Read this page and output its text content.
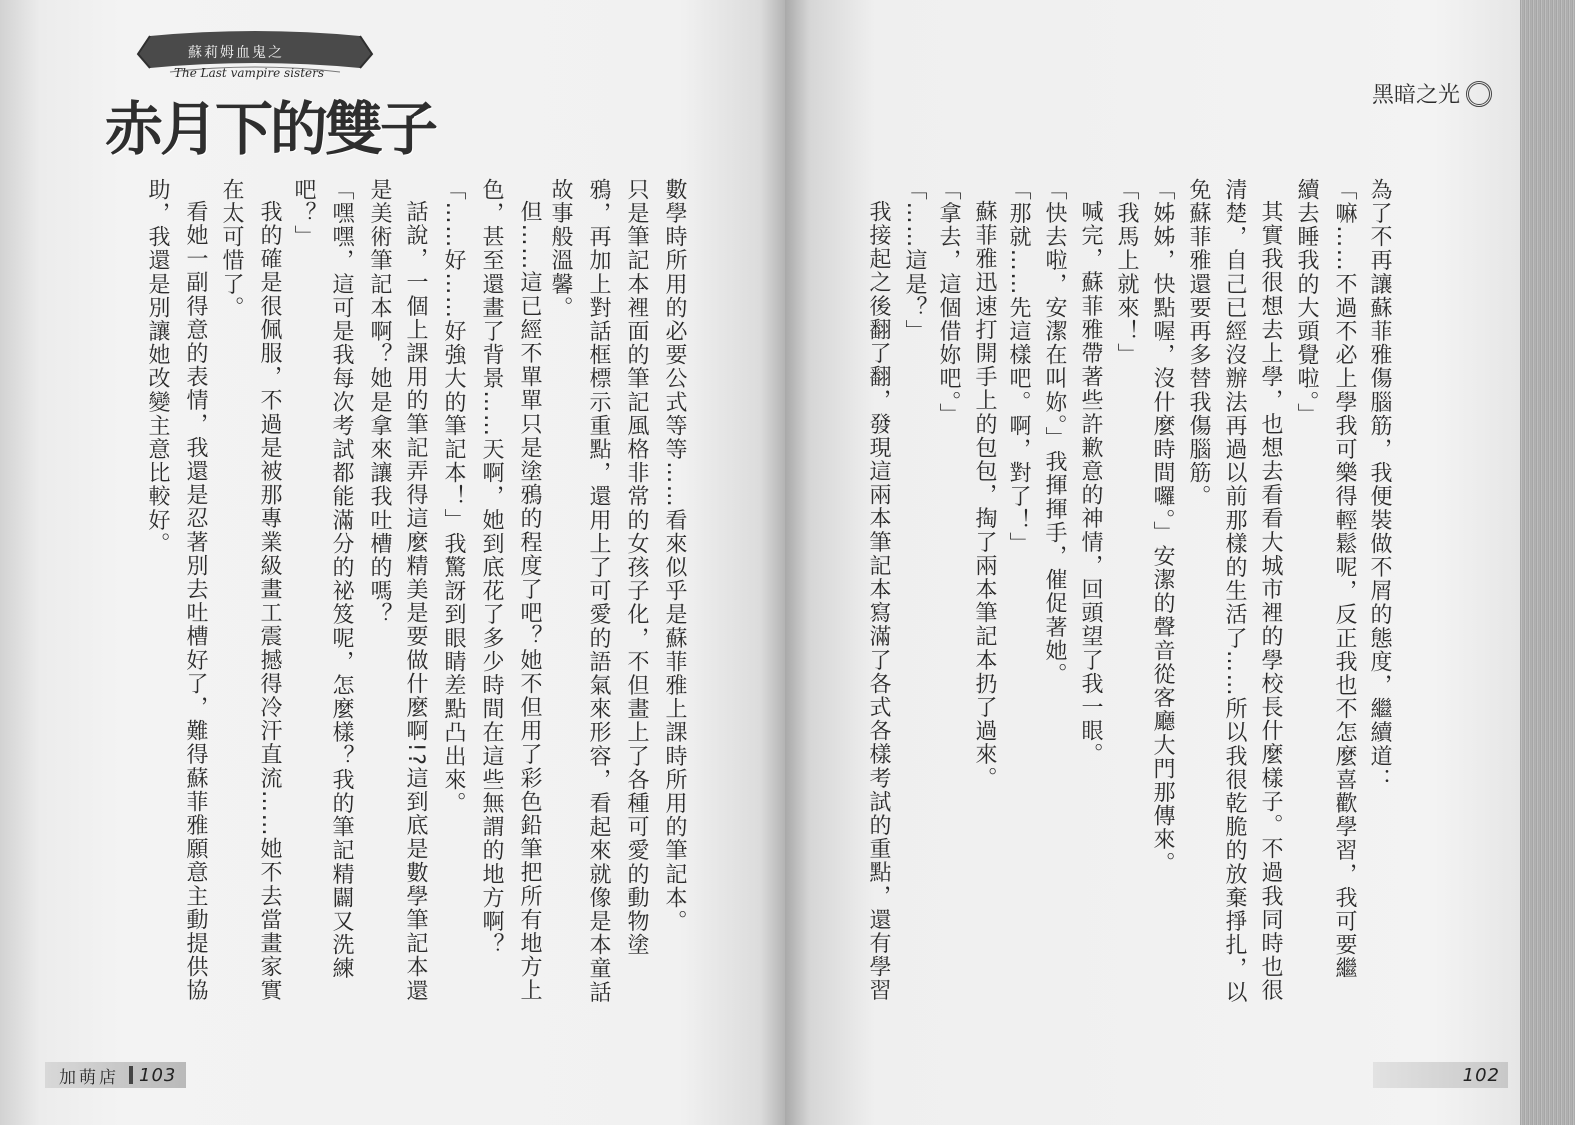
蘇莉姆血鬼之
The Last vampire sisters
赤月下的雙子
數學時所用的必要公式等等……看來似乎是蘇菲雅上課時所用的筆記本。
只是筆記本裡面的筆記風格非常的女孩子化，不但畫上了各種可愛的動物塗
鴉，再加上對話框標示重點，還用上了可愛的語氣來形容，看起來就像是本童話
故事般溫馨。
但……這已經不單單只是塗鴉的程度了吧？她不但用了彩色鉛筆把所有地方上
色，甚至還畫了背景……天啊，她到底花了多少時間在這些無謂的地方啊？
「……好……好強大的筆記本！」我驚訝到眼睛差點凸出來。
話說，一個上課用的筆記弄得這麼精美是要做什麼啊!?這到底是數學筆記本還
是美術筆記本啊？她是拿來讓我吐槽的嗎？
「嘿嘿，這可是我每次考試都能滿分的祕笈呢，怎麼樣？我的筆記精闢又洗練
吧？」
我的確是很佩服，不過是被那專業級畫工震撼得冷汗直流……她不去當畫家實
在太可惜了。
看她一副得意的表情，我還是忍著別去吐槽好了，難得蘇菲雅願意主動提供協
助，我還是別讓她改變主意比較好。
加萌店 103
黑暗之光
為了不再讓蘇菲雅傷腦筋，我便裝做不屑的態度，繼續道：
「嘛……不過不必上學我可樂得輕鬆呢，反正我也不怎麼喜歡學習，我可要繼
續去睡我的大頭覺啦。」
其實我很想去上學，也想去看看大城市裡的學校長什麼樣子。不過我同時也很
清楚，自己已經沒辦法再過以前那樣的生活了……所以我很乾脆的放棄掙扎，以
免蘇菲雅還要再多替我傷腦筋。
「姊姊，快點喔，沒什麼時間囉。」安潔的聲音從客廳大門那傳來。
「我馬上就來！」
喊完，蘇菲雅帶著些許歉意的神情，回頭望了我一眼。
「快去啦，安潔在叫妳。」我揮揮手，催促著她。
「那就……先這樣吧。啊，對了！」
蘇菲雅迅速打開手上的包包，掏了兩本筆記本扔了過來。
「拿去，這個借妳吧。」
「……這是？」
我接起之後翻了翻，發現這兩本筆記本寫滿了各式各樣考試的重點，還有學習
102
